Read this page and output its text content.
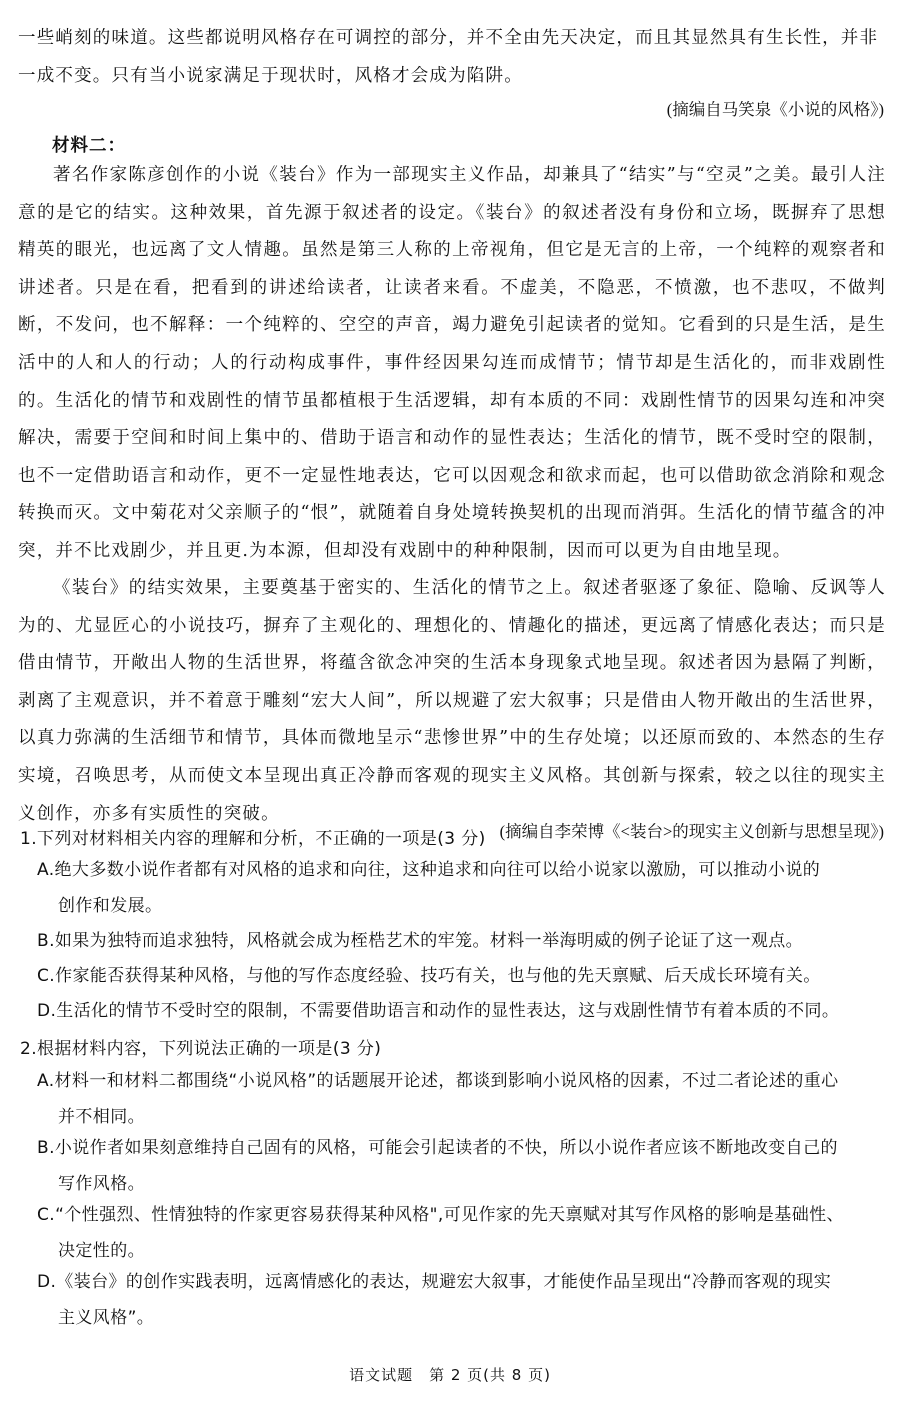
一些峭刻的味道。这些都说明风格存在可调控的部分，并不全由先天决定，而且其显然具有生长性，并非
一成不变。只有当小说家满足于现状时，风格才会成为陷阱。

(摘编自马笑泉《小说的风格》)
材料二：

著名作家陈彦创作的小说《装台》作为一部现实主义作品，却兼具了“结实”与“空灵”之美。最引人注意的是它的结实。这种效果，首先源于叙述者的设定。《装台》的叙述者没有身份和立场，既摒弃了思想精英的眼光，也远离了文人情趣。虽然是第三人称的上帝视角，但它是无言的上帝，一个纯粹的观察者和讲述者。只是在看，把看到的讲述给读者，让读者来看。不虚美，不隐恶，不愤激，也不悲叹，不做判断，不发问，也不解释：一个纯粹的、空空的声音，竭力避免引起读者的觉知。它看到的只是生活，是生活中的人和人的行动；人的行动构成事件，事件经因果勾连而成情节；情节却是生活化的，而非戏剧性的。生活化的情节和戏剧性的情节虽都植根于生活逻辑，却有本质的不同：戏剧性情节的因果勾连和冲突解决，需要于空间和时间上集中的、借助于语言和动作的显性表达；生活化的情节，既不受时空的限制，也不一定借助语言和动作，更不一定显性地表达，它可以因观念和欲求而起，也可以借助欲念消除和观念转换而灭。文中菊花对父亲顺子的“恨”，就随着自身处境转换契机的出现而消弭。生活化的情节蕴含的冲突，并不比戏剧少，并且更.为本源，但却没有戏剧中的种种限制，因而可以更为自由地呈现。

《装台》的结实效果，主要奠基于密实的、生活化的情节之上。叙述者驱逐了象征、隐喻、反讽等人为的、尤显匠心的小说技巧，摒弃了主观化的、理想化的、情趣化的描述，更远离了情感化表达；而只是借由情节，开敞出人物的生活世界，将蕴含欲念冲突的生活本身现象式地呈现。叙述者因为悬隔了判断，剥离了主观意识，并不着意于雕刻“宏大人间”，所以规避了宏大叙事；只是借由人物开敞出的生活世界，以真力弥满的生活细节和情节，具体而微地呈示“悲惨世界”中的生存处境；以还原而致的、本然态的生存实境，召唤思考，从而使文本呈现出真正冷静而客观的现实主义风格。其创新与探索，较之以往的现实主义创作，亦多有实质性的突破。

(摘编自李荣博《<装台>的现实主义创新与思想呈现》)
1.下列对材料相关内容的理解和分析，不正确的一项是(3 分)

A.绝大多数小说作者都有对风格的追求和向往，这种追求和向往可以给小说家以激励，可以推动小说的
创作和发展。

B.如果为独特而追求独特，风格就会成为桎梏艺术的牢笼。材料一举海明威的例子论证了这一观点。

C.作家能否获得某种风格，与他的写作态度经验、技巧有关，也与他的先天禀赋、后天成长环境有关。

D.生活化的情节不受时空的限制，不需要借助语言和动作的显性表达，这与戏剧性情节有着本质的不同。

2.根据材料内容，下列说法正确的一项是(3 分)

A.材料一和材料二都围绕“小说风格”的话题展开论述，都谈到影响小说风格的因素，不过二者论述的重心
并不相同。

B.小说作者如果刻意维持自己固有的风格，可能会引起读者的不快，所以小说作者应该不断地改变自己的
写作风格。

C.“个性强烈、性情独特的作家更容易获得某种风格",可见作家的先天禀赋对其写作风格的影响是基础性、
决定性的。

D.《装台》的创作实践表明，远离情感化的表达，规避宏大叙事，才能使作品呈现出“冷静而客观的现实
主义风格”。

语文试题　第 2 页(共 8 页)
